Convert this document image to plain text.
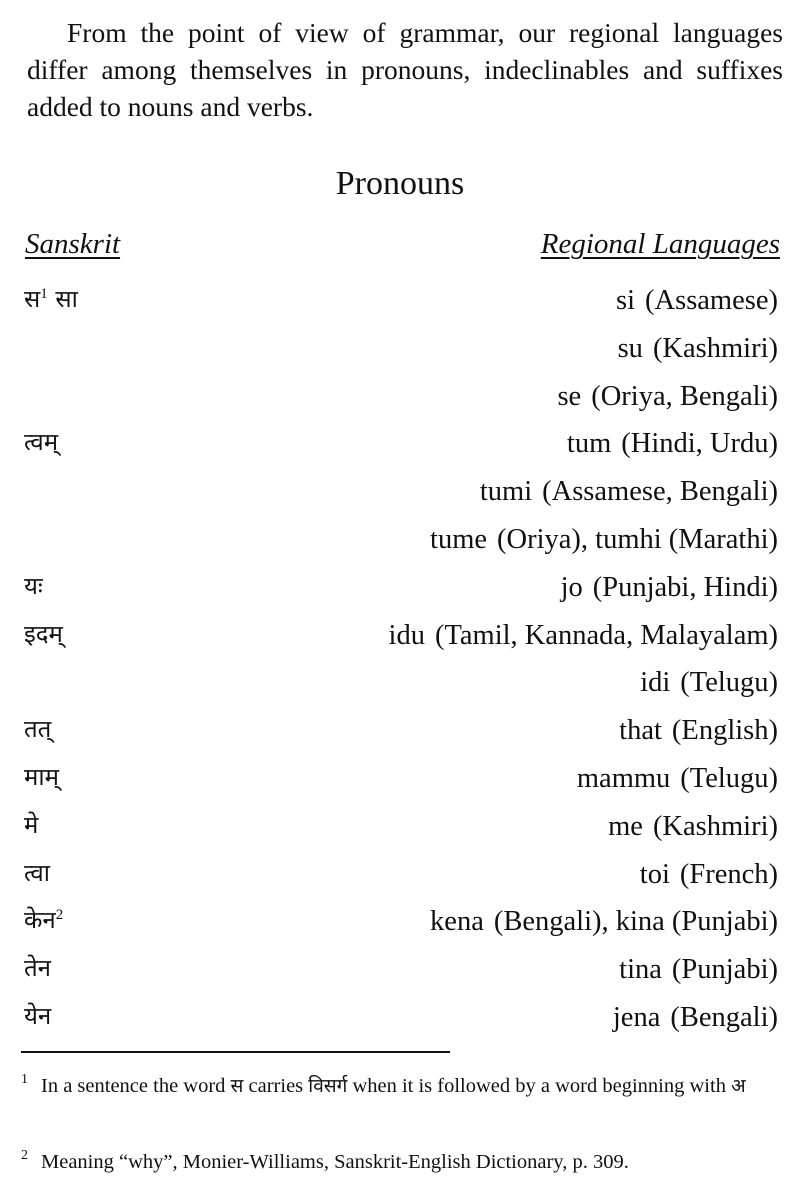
From the point of view of grammar, our regional languages differ among themselves in pronouns, indeclinables and suffixes added to nouns and verbs.

Pronouns
Sanskrit	Regional Languages
स$^1$ सा	si (Assamese)
su (Kashmiri)
se (Oriya, Bengali)
त्वम्	tum (Hindi, Urdu)
tumi (Assamese, Bengali)
tume (Oriya), tumhi (Marathi)
यः	jo (Punjabi, Hindi)
इदम्	idu (Tamil, Kannada, Malayalam)
idi (Telugu)
तत्	that (English)
माम्	mammu (Telugu)
मे	me (Kashmiri)
त्वा	toi (French)
केन$^2$	kena (Bengali), kina (Punjabi)
तेन	tina (Punjabi)
येन	jena (Bengali)
1 In a sentence the word स carries विसर्ग when it is followed by a word beginning with अ
2 Meaning “why”, Monier-Williams, Sanskrit-English Dictionary, p. 309.
